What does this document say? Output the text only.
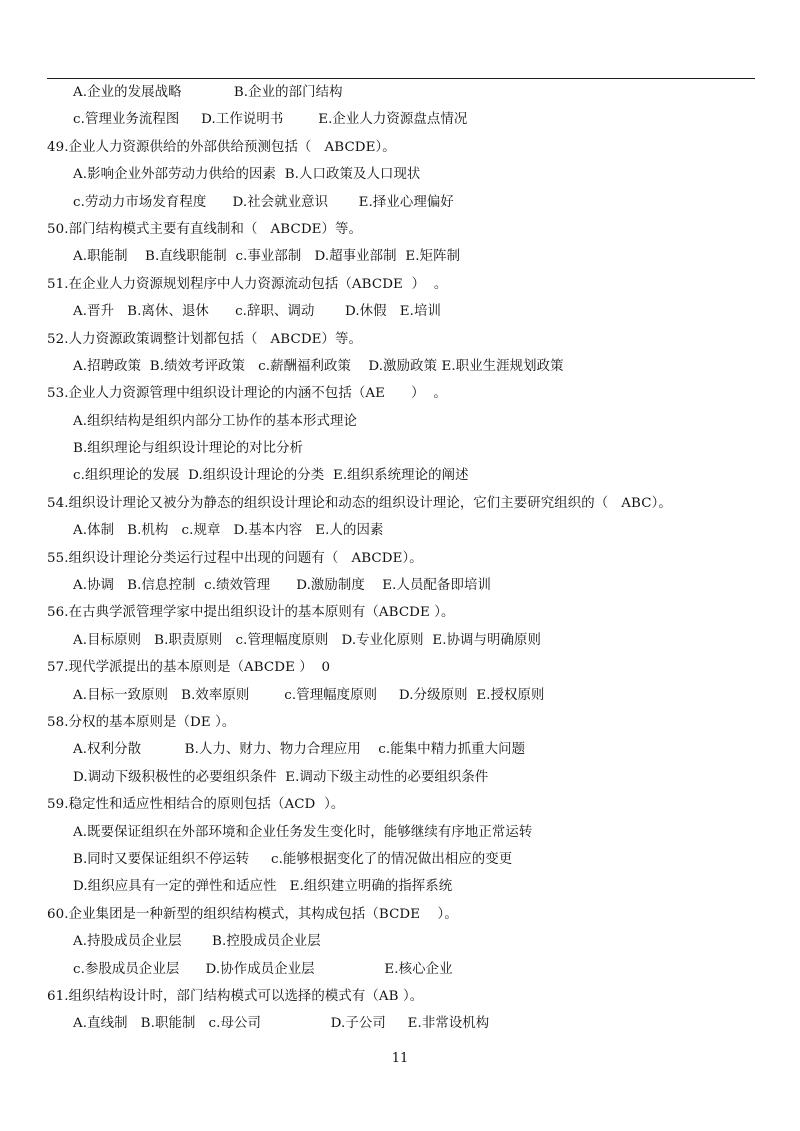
A.企业的发展战略            B.企业的部门结构
c.管理业务流程图     D.工作说明书        E.企业人力资源盘点情况
49.企业人力资源供给的外部供给预测包括（   ABCDE）。
A.影响企业外部劳动力供给的因素  B.人口政策及人口现状
c.劳动力市场发育程度      D.社会就业意识       E.择业心理偏好
50.部门结构模式主要有直线制和（   ABCDE）等。
A.职能制    B.直线职能制  c.事业部制   D.超事业部制  E.矩阵制
51.在企业人力资源规划程序中人力资源流动包括（ABCDE  ）  。
A.晋升   B.离休、退休      c.辞职、调动       D.休假   E.培训
52.人力资源政策调整计划都包括（   ABCDE）等。
A.招聘政策  B.绩效考评政策   c.薪酬福利政策    D.激励政策 E.职业生涯规划政策
53.企业人力资源管理中组织设计理论的内涵不包括（AE      ）  。
A.组织结构是组织内部分工协作的基本形式理论
B.组织理论与组织设计理论的对比分析
c.组织理论的发展  D.组织设计理论的分类  E.组织系统理论的阐述
54.组织设计理论又被分为静态的组织设计理论和动态的组织设计理论，它们主要研究组织的（   ABC）。
A.体制   B.机构   c.规章   D.基本内容   E.人的因素
55.组织设计理论分类运行过程中出现的问题有（   ABCDE）。
A.协调   B.信息控制  c.绩效管理      D.激励制度    E.人员配备即培训
56.在古典学派管理学家中提出组织设计的基本原则有（ABCDE ）。
A.目标原则   B.职责原则   c.管理幅度原则   D.专业化原则  E.协调与明确原则
57.现代学派提出的基本原则是（ABCDE ）  0
A.目标一致原则   B.效率原则        c.管理幅度原则     D.分级原则  E.授权原则
58.分权的基本原则是（DE ）。
A.权利分散          B.人力、财力、物力合理应用    c.能集中精力抓重大问题
D.调动下级积极性的必要组织条件  E.调动下级主动性的必要组织条件
59.稳定性和适应性相结合的原则包括（ACD  ）。
A.既要保证组织在外部环境和企业任务发生变化时，能够继续有序地正常运转
B.同时又要保证组织不停运转     c.能够根据变化了的情况做出相应的变更
D.组织应具有一定的弹性和适应性   E.组织建立明确的指挥系统
60.企业集团是一种新型的组织结构模式，其构成包括（BCDE    ）。
A.持股成员企业层       B.控股成员企业层
c.参股成员企业层      D.协作成员企业层                E.核心企业
61.组织结构设计时，部门结构模式可以选择的模式有（AB ）。
A.直线制   B.职能制   c.母公司                D.子公司     E.非常设机构
11
